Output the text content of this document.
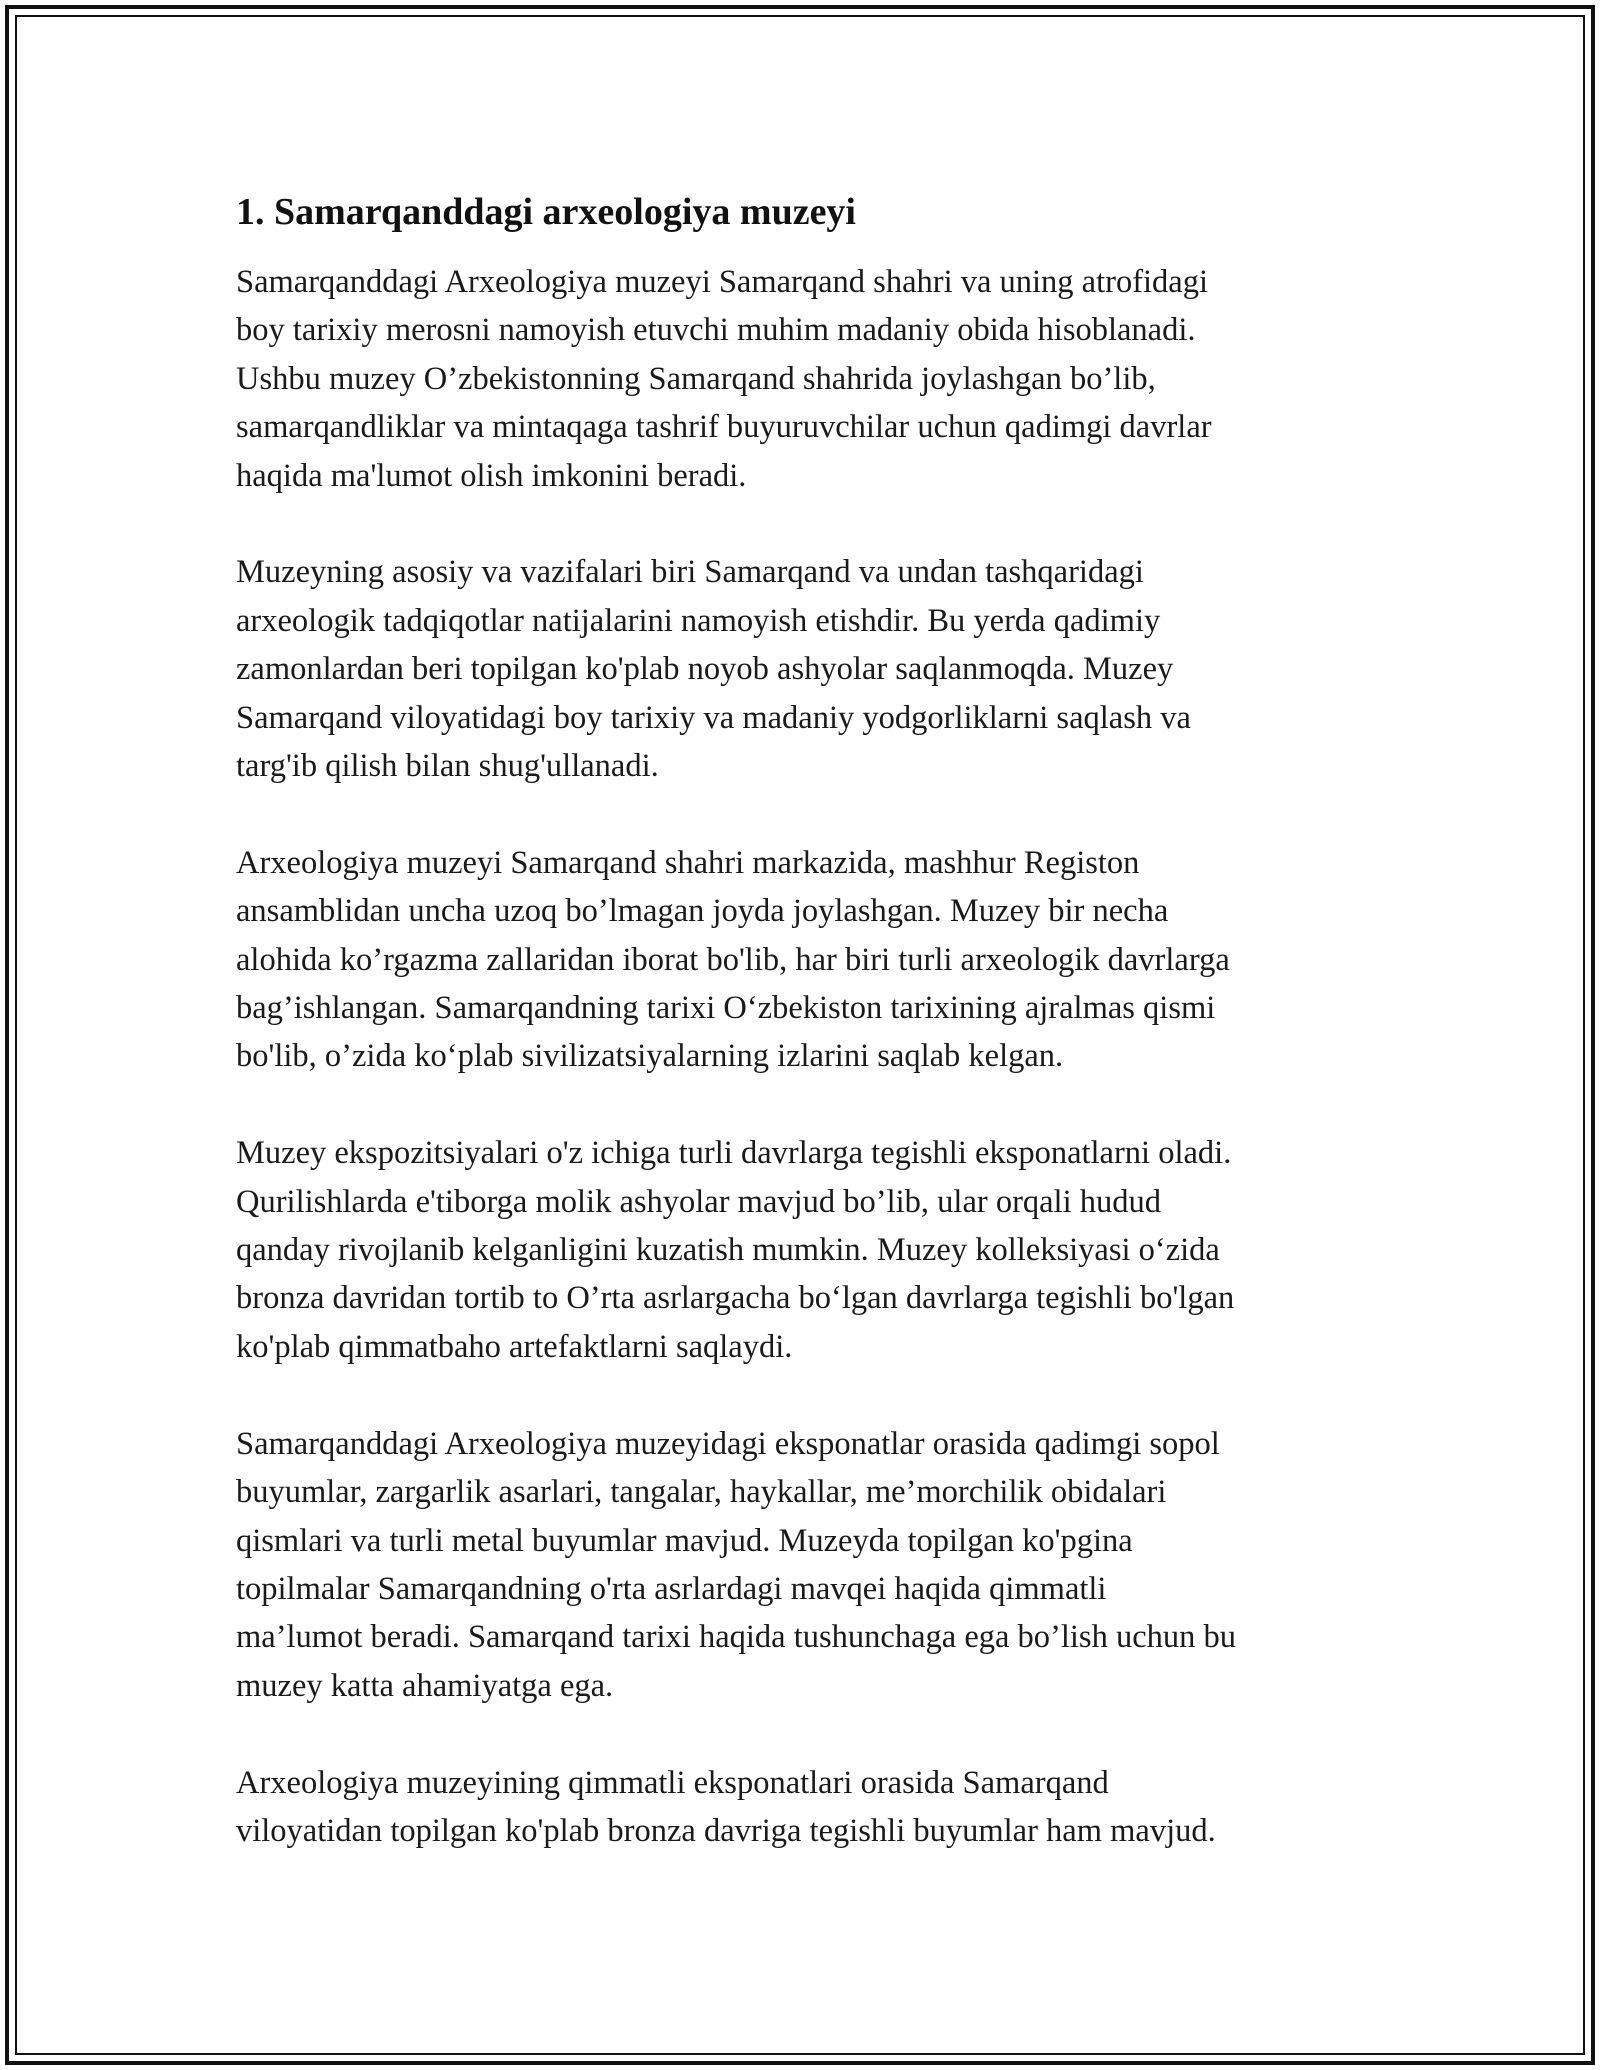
1. Samarqanddagi arxeologiya muzeyi

Samarqanddagi Arxeologiya muzeyi Samarqand shahri va uning atrofidagi
boy tarixiy merosni namoyish etuvchi muhim madaniy obida hisoblanadi.
Ushbu muzey O’zbekistonning Samarqand shahrida joylashgan bo’lib,
samarqandliklar va mintaqaga tashrif buyuruvchilar uchun qadimgi davrlar
haqida ma'lumot olish imkonini beradi.

Muzeyning asosiy va vazifalari biri Samarqand va undan tashqaridagi
arxeologik tadqiqotlar natijalarini namoyish etishdir. Bu yerda qadimiy
zamonlardan beri topilgan ko'plab noyob ashyolar saqlanmoqda. Muzey
Samarqand viloyatidagi boy tarixiy va madaniy yodgorliklarni saqlash va
targ'ib qilish bilan shug'ullanadi.

Arxeologiya muzeyi Samarqand shahri markazida, mashhur Registon
ansamblidan uncha uzoq bo’lmagan joyda joylashgan. Muzey bir necha
alohida ko’rgazma zallaridan iborat bo'lib, har biri turli arxeologik davrlarga
bag’ishlangan. Samarqandning tarixi O‘zbekiston tarixining ajralmas qismi
bo'lib, o’zida ko‘plab sivilizatsiyalarning izlarini saqlab kelgan.

Muzey ekspozitsiyalari o'z ichiga turli davrlarga tegishli eksponatlarni oladi.
Qurilishlarda e'tiborga molik ashyolar mavjud bo’lib, ular orqali hudud
qanday rivojlanib kelganligini kuzatish mumkin. Muzey kolleksiyasi o‘zida
bronza davridan tortib to O’rta asrlargacha bo‘lgan davrlarga tegishli bo'lgan
ko'plab qimmatbaho artefaktlarni saqlaydi.

Samarqanddagi Arxeologiya muzeyidagi eksponatlar orasida qadimgi sopol
buyumlar, zargarlik asarlari, tangalar, haykallar, me’morchilik obidalari
qismlari va turli metal buyumlar mavjud. Muzeyda topilgan ko'pgina
topilmalar Samarqandning o'rta asrlardagi mavqei haqida qimmatli
ma’lumot beradi. Samarqand tarixi haqida tushunchaga ega bo’lish uchun bu
muzey katta ahamiyatga ega.

Arxeologiya muzeyining qimmatli eksponatlari orasida Samarqand
viloyatidan topilgan ko'plab bronza davriga tegishli buyumlar ham mavjud.
